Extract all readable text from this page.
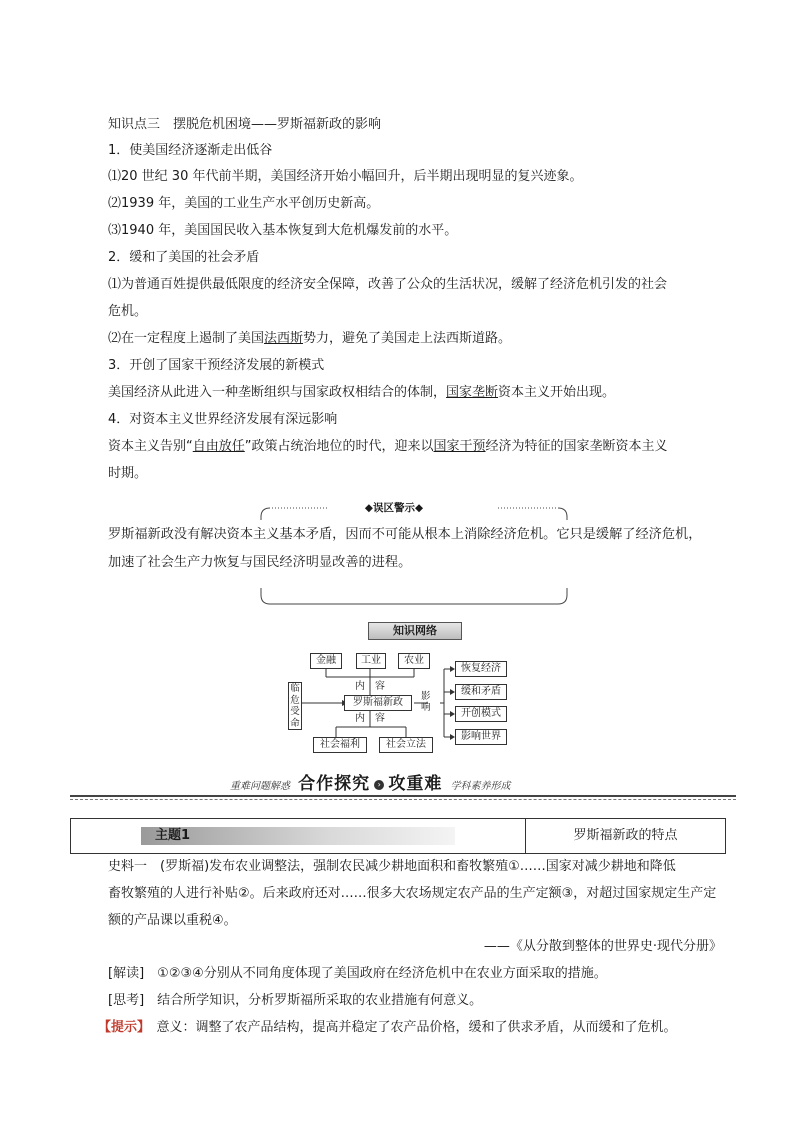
知识点三　摆脱危机困境——罗斯福新政的影响
1．使美国经济逐渐走出低谷
⑴20 世纪 30 年代前半期，美国经济开始小幅回升，后半期出现明显的复兴迹象。
⑵1939 年，美国的工业生产水平创历史新高。
⑶1940 年，美国国民收入基本恢复到大危机爆发前的水平。
2．缓和了美国的社会矛盾
⑴为普通百姓提供最低限度的经济安全保障，改善了公众的生活状况，缓解了经济危机引发的社会
危机。
⑵在一定程度上遏制了美国法西斯势力，避免了美国走上法西斯道路。
3．开创了国家干预经济发展的新模式
美国经济从此进入一种垄断组织与国家政权相结合的体制，国家垄断资本主义开始出现。
4．对资本主义世界经济发展有深远影响
资本主义告别“自由放任”政策占统治地位的时代，迎来以国家干预经济为特征的国家垄断资本主义
时期。
◆误区警示◆
罗斯福新政没有解决资本主义基本矛盾，因而不可能从根本上消除经济危机。它只是缓解了经济危机，
加速了社会生产力恢复与国民经济明显改善的进程。
知识网络
金融	工业	农业
内　容
临危受命
罗斯福新政
内　容
影响
社会福利	社会立法
恢复经济
缓和矛盾
开创模式
影响世界
重难问题解惑 合作探究 › 攻重难 学科素养形成
主题1	罗斯福新政的特点
史料一　(罗斯福)发布农业调整法，强制农民减少耕地面积和畜牧繁殖①……国家对减少耕地和降低
畜牧繁殖的人进行补贴②。后来政府还对……很多大农场规定农产品的生产定额③，对超过国家规定生产定
额的产品课以重税④。
——《从分散到整体的世界史·现代分册》
[解读]　 ①②③④分别从不同角度体现了美国政府在经济危机中在农业方面采取的措施。
[思考]　 结合所学知识，分析罗斯福所采取的农业措施有何意义。
【提示】　 意义：调整了农产品结构，提高并稳定了农产品价格，缓和了供求矛盾，从而缓和了危机。
